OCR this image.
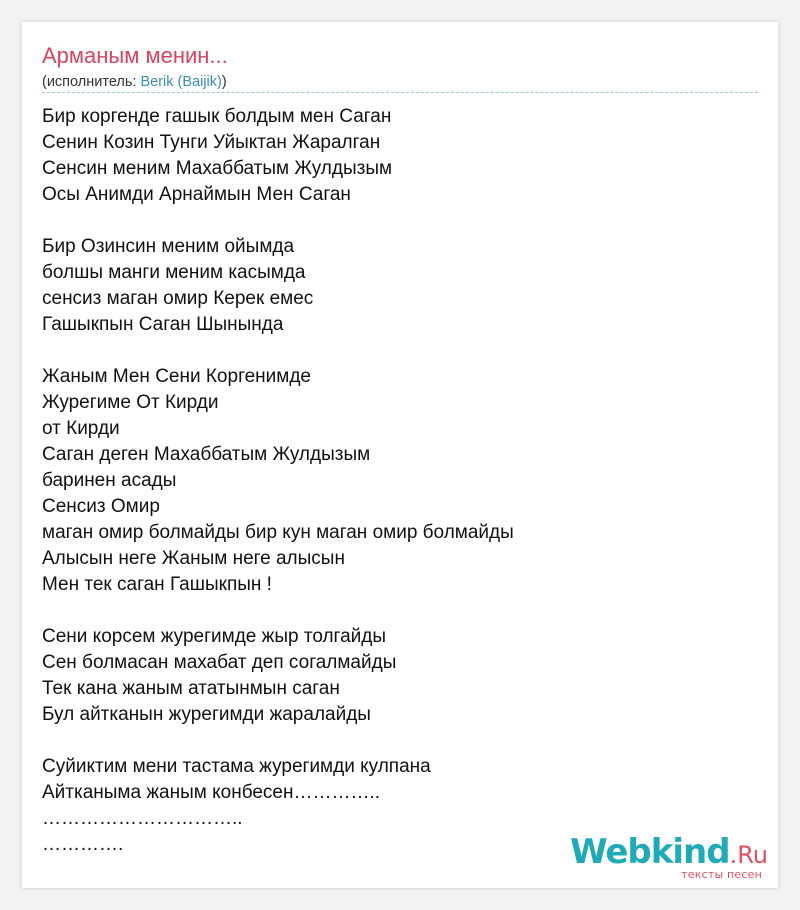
Арманым менин...
(исполнитель: Berik (Baijik))
Бир коргенде гашык болдым мен Саган
Сенин Козин Тунги Уйыктан Жаралган
Сенсин меним Махаббатым Жулдызым
Осы Анимди Арнаймын Мен Саган
Бир Озинсин меним ойымда
болшы манги меним касымда
сенсиз маган омир Керек емес
Гашыкпын Саган Шынында
Жаным Мен Сени Коргенимде
Журегиме От Кирди
от Кирди
Саган деген Махаббатым Жулдызым
баринен асады
Сенсиз Омир
маган омир болмайды бир кун маган омир болмайды
Алысын неге Жаным неге алысын
Мен тек саган Гашыкпын !
Сени корсем журегимде жыр толгайды
Сен болмасан махабат деп согалмайды
Тек кана жаным ататынмын саган
Бул айтканын журегимди жаралайды
Суйиктим мени тастама журегимди кулпана
Айтканыма жаным конбесен…………..
…………………………..
………….	Webkind.Ru
тексты песен
